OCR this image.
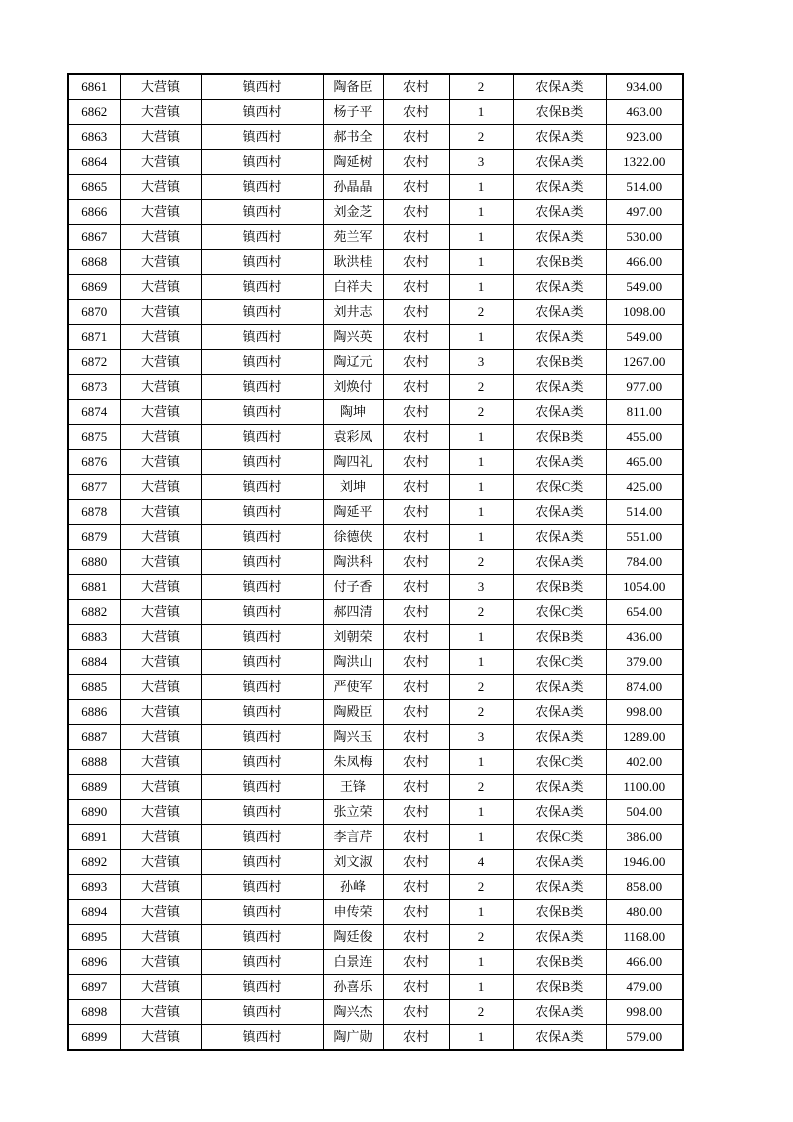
6861	大营镇	镇西村	陶备臣	农村	2	农保A类	934.00
6862	大营镇	镇西村	杨子平	农村	1	农保B类	463.00
6863	大营镇	镇西村	郝书全	农村	2	农保A类	923.00
6864	大营镇	镇西村	陶延树	农村	3	农保A类	1322.00
6865	大营镇	镇西村	孙晶晶	农村	1	农保A类	514.00
6866	大营镇	镇西村	刘金芝	农村	1	农保A类	497.00
6867	大营镇	镇西村	苑兰军	农村	1	农保A类	530.00
6868	大营镇	镇西村	耿洪桂	农村	1	农保B类	466.00
6869	大营镇	镇西村	白祥夫	农村	1	农保A类	549.00
6870	大营镇	镇西村	刘井志	农村	2	农保A类	1098.00
6871	大营镇	镇西村	陶兴英	农村	1	农保A类	549.00
6872	大营镇	镇西村	陶辽元	农村	3	农保B类	1267.00
6873	大营镇	镇西村	刘焕付	农村	2	农保A类	977.00
6874	大营镇	镇西村	陶坤	农村	2	农保A类	811.00
6875	大营镇	镇西村	袁彩凤	农村	1	农保B类	455.00
6876	大营镇	镇西村	陶四礼	农村	1	农保A类	465.00
6877	大营镇	镇西村	刘坤	农村	1	农保C类	425.00
6878	大营镇	镇西村	陶延平	农村	1	农保A类	514.00
6879	大营镇	镇西村	徐德侠	农村	1	农保A类	551.00
6880	大营镇	镇西村	陶洪科	农村	2	农保A类	784.00
6881	大营镇	镇西村	付子香	农村	3	农保B类	1054.00
6882	大营镇	镇西村	郝四清	农村	2	农保C类	654.00
6883	大营镇	镇西村	刘朝荣	农村	1	农保B类	436.00
6884	大营镇	镇西村	陶洪山	农村	1	农保C类	379.00
6885	大营镇	镇西村	严使军	农村	2	农保A类	874.00
6886	大营镇	镇西村	陶殿臣	农村	2	农保A类	998.00
6887	大营镇	镇西村	陶兴玉	农村	3	农保A类	1289.00
6888	大营镇	镇西村	朱凤梅	农村	1	农保C类	402.00
6889	大营镇	镇西村	王锋	农村	2	农保A类	1100.00
6890	大营镇	镇西村	张立荣	农村	1	农保A类	504.00
6891	大营镇	镇西村	李言芹	农村	1	农保C类	386.00
6892	大营镇	镇西村	刘文淑	农村	4	农保A类	1946.00
6893	大营镇	镇西村	孙峰	农村	2	农保A类	858.00
6894	大营镇	镇西村	申传荣	农村	1	农保B类	480.00
6895	大营镇	镇西村	陶廷俊	农村	2	农保A类	1168.00
6896	大营镇	镇西村	白景连	农村	1	农保B类	466.00
6897	大营镇	镇西村	孙喜乐	农村	1	农保B类	479.00
6898	大营镇	镇西村	陶兴杰	农村	2	农保A类	998.00
6899	大营镇	镇西村	陶广勋	农村	1	农保A类	579.00
